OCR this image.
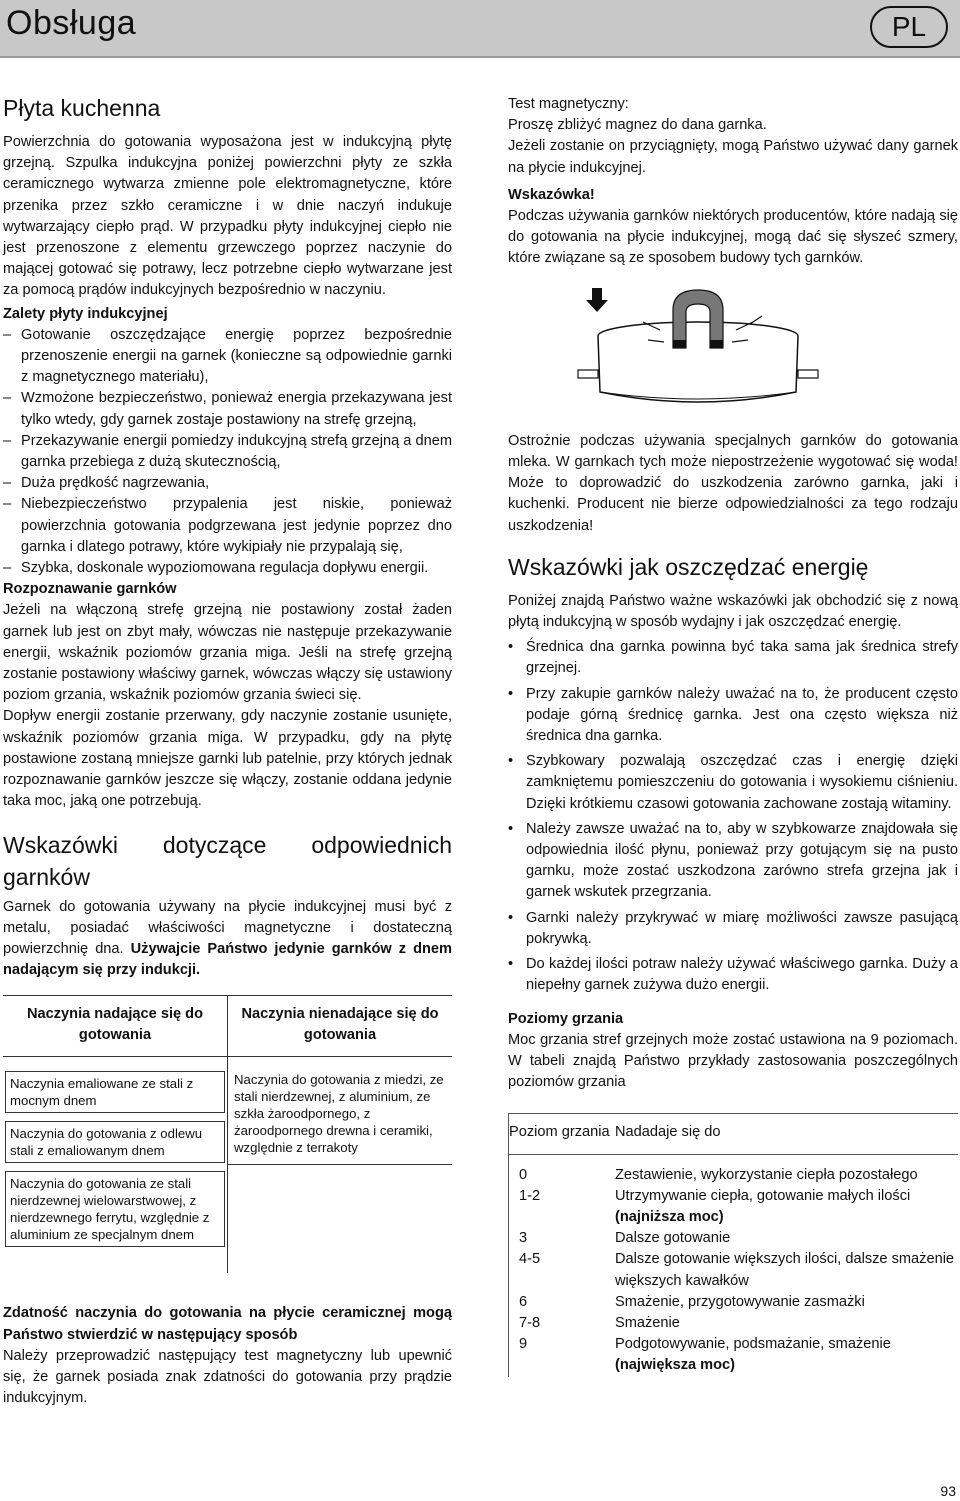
Obsługa	PL
Płyta kuchenna

Powierzchnia do gotowania wyposażona jest w indukcyjną płytę grzejną. Szpulka indukcyjna poniżej powierzchni płyty ze szkła ceramicznego wytwarza zmienne pole elektromagnetyczne, które przenika przez szkło ceramiczne i w dnie naczyń indukuje wytwarzający ciepło prąd. W przypadku płyty indukcyjnej ciepło nie jest przenoszone z elementu grzewczego poprzez naczynie do mającej gotować się potrawy, lecz potrzebne ciepło wytwarzane jest za pomocą prądów indukcyjnych bezpośrednio w naczyniu.

Zalety płyty indukcyjnej

– Gotowanie oszczędzające energię poprzez bezpośrednie przenoszenie energii na garnek (konieczne są odpowiednie garnki z magnetycznego materiału),

– Wzmożone bezpieczeństwo, ponieważ energia przekazywana jest tylko wtedy, gdy garnek zostaje postawiony na strefę grzejną,

– Przekazywanie energii pomiedzy indukcyjną strefą grzejną a dnem garnka przebiega z dużą skutecznością,

– Duża prędkość nagrzewania,

– Niebezpieczeństwo przypalenia jest niskie, ponieważ powierzchnia gotowania podgrzewana jest jedynie poprzez dno garnka i dlatego potrawy, które wykipiały nie przypalają się,

– Szybka, doskonale wypoziomowana regulacja dopływu energii.

Rozpoznawanie garnków

Jeżeli na włączoną strefę grzejną nie postawiony został żaden garnek lub jest on zbyt mały, wówczas nie następuje przekazywanie energii, wskaźnik poziomów grzania miga. Jeśli na strefę grzejną zostanie postawiony właściwy garnek, wówczas włączy się ustawiony poziom grzania, wskaźnik poziomów grzania świeci się.

Dopływ energii zostanie przerwany, gdy naczynie zostanie usunięte, wskaźnik poziomów grzania miga. W przypadku, gdy na płytę postawione zostaną mniejsze garnki lub patelnie, przy których jednak rozpoznawanie garnków jeszcze się włączy, zostanie oddana jedynie taka moc, jaką one potrzebują.

Wskazówki dotyczące odpowiednich garnków

Garnek do gotowania używany na płycie indukcyjnej musi być z metalu, posiadać właściwości magnetyczne i dostateczną powierzchnię dna. Używajcie Państwo jedynie garnków z dnem nadającym się przy indukcji.

Naczynia nadające się do gotowania	Naczynia nienadające się do gotowania

Naczynia emaliowane ze stali z mocnym dnem
Naczynia do gotowania z odlewu stali z emaliowanym dnem
Naczynia do gotowania ze stali nierdzewnej wielowarstwowej, z nierdzewnego ferrytu, względnie z aluminium ze specjalnym dnem	Naczynia do gotowania z miedzi, ze stali nierdzewnej, z aluminium, ze szkła żaroodpornego, z żaroodpornego drewna i ceramiki, względnie z terrakoty

Zdatność naczynia do gotowania na płycie ceramicznej mogą Państwo stwierdzić w następujący sposób

Należy przeprowadzić następujący test magnetyczny lub upewnić się, że garnek posiada znak zdatności do gotowania przy prądzie indukcyjnym.

Test magnetyczny:

Proszę zbliżyć magnez do dana garnka.

Jeżeli zostanie on przyciągnięty, mogą Państwo używać dany garnek na płycie indukcyjnej.

Wskazówka!

Podczas używania garnków niektórych producentów, które nadają się do gotowania na płycie indukcyjnej, mogą dać się słyszeć szmery, które związane są ze sposobem budowy tych garnków.

Ostrożnie podczas używania specjalnych garnków do gotowania mleka. W garnkach tych może niepostrzeżenie wygotować się woda! Może to doprowadzić do uszkodzenia zarówno garnka, jaki i kuchenki. Producent nie bierze odpowiedzialności za tego rodzaju uszkodzenia!

Wskazówki jak oszczędzać energię

Poniżej znajdą Państwo ważne wskazówki jak obchodzić się z nową płytą indukcyjną w sposób wydajny i jak oszczędzać energię.

• Średnica dna garnka powinna być taka sama jak średnica strefy grzejnej.

• Przy zakupie garnków należy uważać na to, że producent często podaje górną średnicę garnka. Jest ona często większa niż średnica dna garnka.

• Szybkowary pozwalają oszczędzać czas i energię dzięki zamkniętemu pomieszczeniu do gotowania i wysokiemu ciśnieniu. Dzięki krótkiemu czasowi gotowania zachowane zostają witaminy.

• Należy zawsze uważać na to, aby w szybkowarze znajdowała się odpowiednia ilość płynu, ponieważ przy gotującym się na pusto garnku, może zostać uszkodzona zarówno strefa grzejna jak i garnek wskutek przegrzania.

• Garnki należy przykrywać w miarę możliwości zawsze pasującą pokrywką.

• Do każdej ilości potraw należy używać właściwego garnka. Duży a niepełny garnek zużywa dużo energii.

Poziomy grzania

Moc grzania stref grzejnych może zostać ustawiona na 9 poziomach. W tabeli znajdą Państwo przykłady zastosowania poszczególnych poziomów grzania

Poziom grzania	Nadadaje się do
0	Zestawienie, wykorzystanie ciepła pozostałego
1-2	Utrzymywanie ciepła, gotowanie małych ilości
(najniższa moc)
3	Dalsze gotowanie
4-5	Dalsze gotowanie większych ilości, dalsze smażenie większych kawałków
6	Smażenie, przygotowywanie zasmażki
7-8	Smażenie
9	Podgotowywanie, podsmażanie, smażenie
(największa moc)
93
